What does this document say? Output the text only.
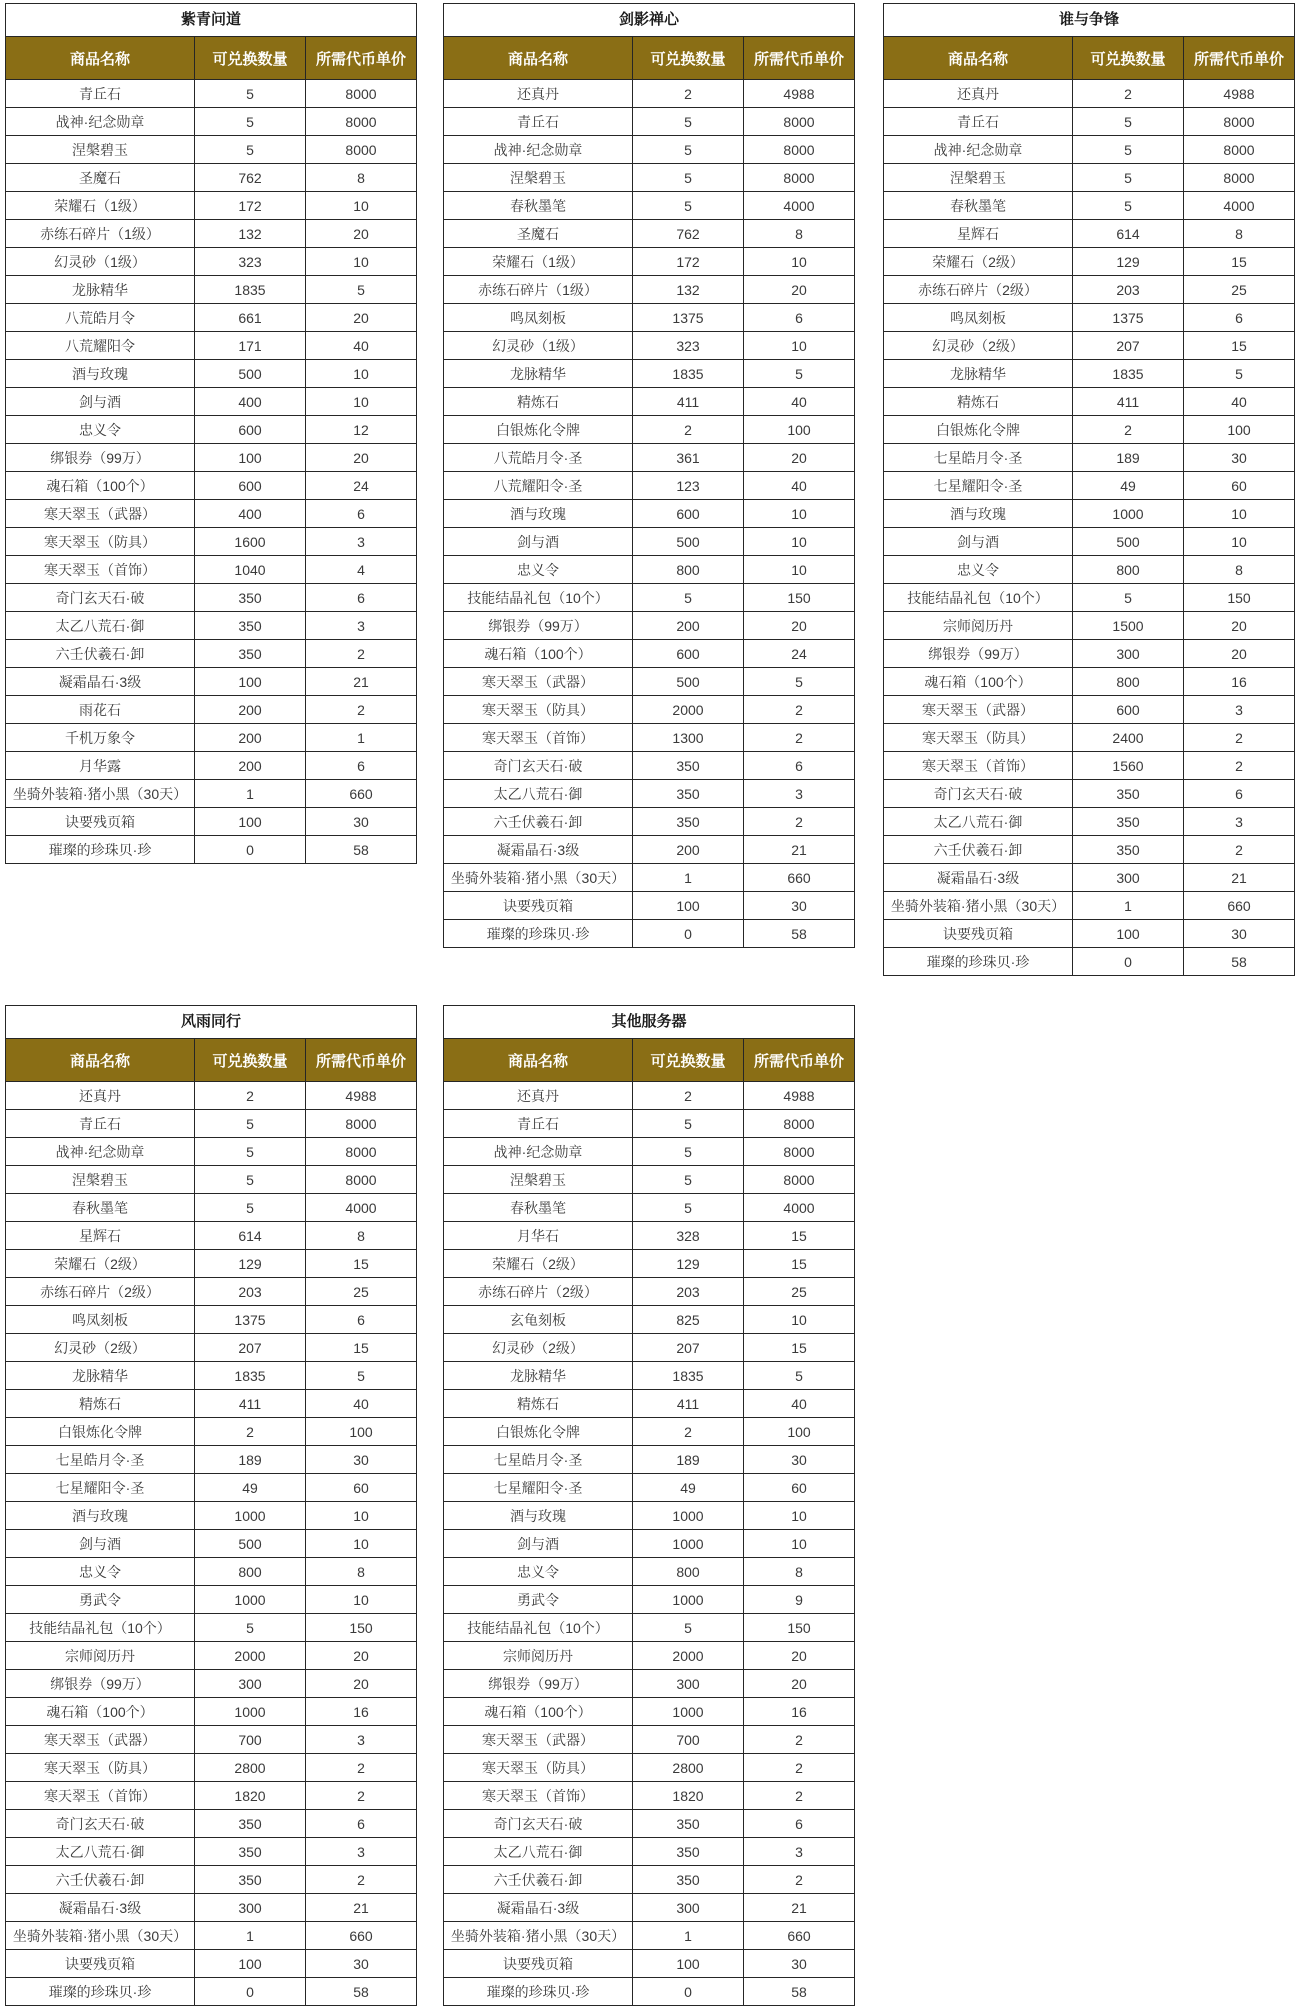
紫青问道
商品名称	可兑换数量	所需代币单价
青丘石	5	8000
战神·纪念勋章	5	8000
涅槃碧玉	5	8000
圣魔石	762	8
荣耀石（1级）	172	10
赤练石碎片（1级）	132	20
幻灵砂（1级）	323	10
龙脉精华	1835	5
八荒皓月令	661	20
八荒耀阳令	171	40
酒与玫瑰	500	10
剑与酒	400	10
忠义令	600	12
绑银券（99万）	100	20
魂石箱（100个）	600	24
寒天翠玉（武器）	400	6
寒天翠玉（防具）	1600	3
寒天翠玉（首饰）	1040	4
奇门玄天石·破	350	6
太乙八荒石·御	350	3
六壬伏羲石·卸	350	2
凝霜晶石·3级	100	21
雨花石	200	2
千机万象令	200	1
月华露	200	6
坐骑外装箱·猪小黑（30天）	1	660
诀要残页箱	100	30
璀璨的珍珠贝·珍	0	58
剑影禅心
商品名称	可兑换数量	所需代币单价
还真丹	2	4988
青丘石	5	8000
战神·纪念勋章	5	8000
涅槃碧玉	5	8000
春秋墨笔	5	4000
圣魔石	762	8
荣耀石（1级）	172	10
赤练石碎片（1级）	132	20
鸣凤刻板	1375	6
幻灵砂（1级）	323	10
龙脉精华	1835	5
精炼石	411	40
白银炼化令牌	2	100
八荒皓月令·圣	361	20
八荒耀阳令·圣	123	40
酒与玫瑰	600	10
剑与酒	500	10
忠义令	800	10
技能结晶礼包（10个）	5	150
绑银券（99万）	200	20
魂石箱（100个）	600	24
寒天翠玉（武器）	500	5
寒天翠玉（防具）	2000	2
寒天翠玉（首饰）	1300	2
奇门玄天石·破	350	6
太乙八荒石·御	350	3
六壬伏羲石·卸	350	2
凝霜晶石·3级	200	21
坐骑外装箱·猪小黑（30天）	1	660
诀要残页箱	100	30
璀璨的珍珠贝·珍	0	58
谁与争锋
商品名称	可兑换数量	所需代币单价
还真丹	2	4988
青丘石	5	8000
战神·纪念勋章	5	8000
涅槃碧玉	5	8000
春秋墨笔	5	4000
星辉石	614	8
荣耀石（2级）	129	15
赤练石碎片（2级）	203	25
鸣凤刻板	1375	6
幻灵砂（2级）	207	15
龙脉精华	1835	5
精炼石	411	40
白银炼化令牌	2	100
七星皓月令·圣	189	30
七星耀阳令·圣	49	60
酒与玫瑰	1000	10
剑与酒	500	10
忠义令	800	8
技能结晶礼包（10个）	5	150
宗师阅历丹	1500	20
绑银券（99万）	300	20
魂石箱（100个）	800	16
寒天翠玉（武器）	600	3
寒天翠玉（防具）	2400	2
寒天翠玉（首饰）	1560	2
奇门玄天石·破	350	6
太乙八荒石·御	350	3
六壬伏羲石·卸	350	2
凝霜晶石·3级	300	21
坐骑外装箱·猪小黑（30天）	1	660
诀要残页箱	100	30
璀璨的珍珠贝·珍	0	58
风雨同行
商品名称	可兑换数量	所需代币单价
还真丹	2	4988
青丘石	5	8000
战神·纪念勋章	5	8000
涅槃碧玉	5	8000
春秋墨笔	5	4000
星辉石	614	8
荣耀石（2级）	129	15
赤练石碎片（2级）	203	25
鸣凤刻板	1375	6
幻灵砂（2级）	207	15
龙脉精华	1835	5
精炼石	411	40
白银炼化令牌	2	100
七星皓月令·圣	189	30
七星耀阳令·圣	49	60
酒与玫瑰	1000	10
剑与酒	500	10
忠义令	800	8
勇武令	1000	10
技能结晶礼包（10个）	5	150
宗师阅历丹	2000	20
绑银券（99万）	300	20
魂石箱（100个）	1000	16
寒天翠玉（武器）	700	3
寒天翠玉（防具）	2800	2
寒天翠玉（首饰）	1820	2
奇门玄天石·破	350	6
太乙八荒石·御	350	3
六壬伏羲石·卸	350	2
凝霜晶石·3级	300	21
坐骑外装箱·猪小黑（30天）	1	660
诀要残页箱	100	30
璀璨的珍珠贝·珍	0	58
其他服务器
商品名称	可兑换数量	所需代币单价
还真丹	2	4988
青丘石	5	8000
战神·纪念勋章	5	8000
涅槃碧玉	5	8000
春秋墨笔	5	4000
月华石	328	15
荣耀石（2级）	129	15
赤练石碎片（2级）	203	25
玄龟刻板	825	10
幻灵砂（2级）	207	15
龙脉精华	1835	5
精炼石	411	40
白银炼化令牌	2	100
七星皓月令·圣	189	30
七星耀阳令·圣	49	60
酒与玫瑰	1000	10
剑与酒	1000	10
忠义令	800	8
勇武令	1000	9
技能结晶礼包（10个）	5	150
宗师阅历丹	2000	20
绑银券（99万）	300	20
魂石箱（100个）	1000	16
寒天翠玉（武器）	700	2
寒天翠玉（防具）	2800	2
寒天翠玉（首饰）	1820	2
奇门玄天石·破	350	6
太乙八荒石·御	350	3
六壬伏羲石·卸	350	2
凝霜晶石·3级	300	21
坐骑外装箱·猪小黑（30天）	1	660
诀要残页箱	100	30
璀璨的珍珠贝·珍	0	58
